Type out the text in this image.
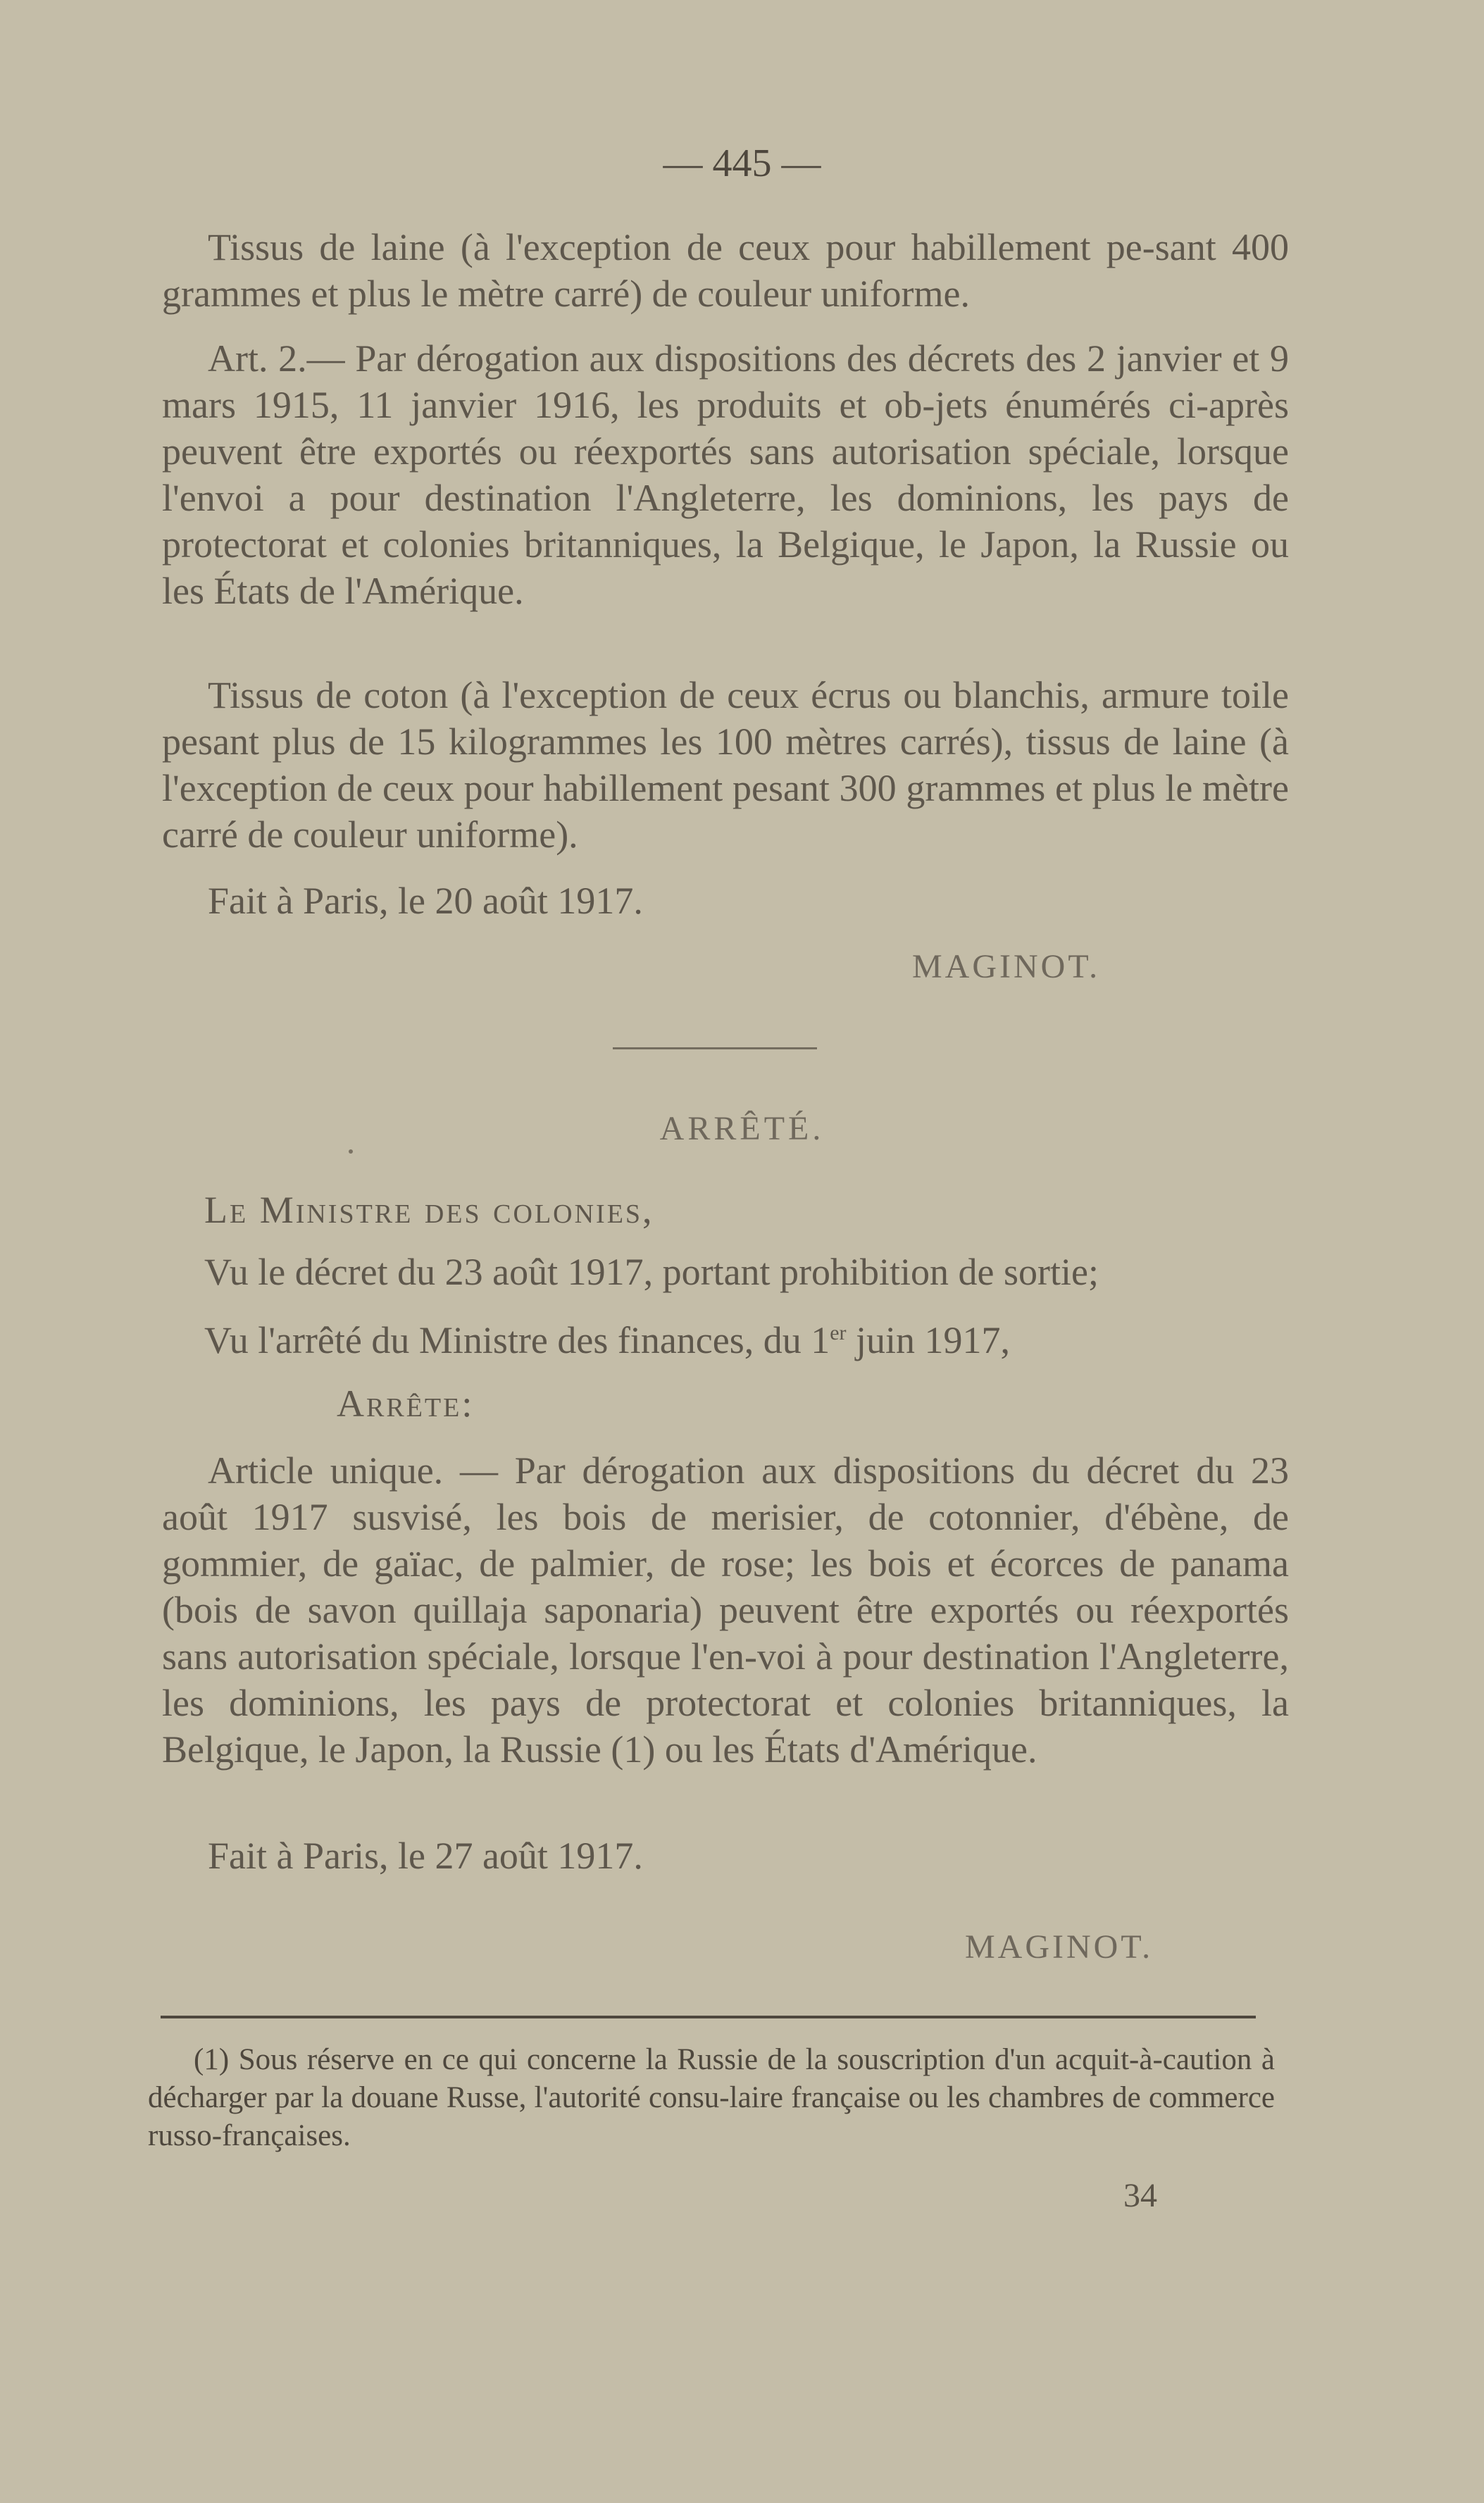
— 445 —

Tissus de laine (à l'exception de ceux pour habillement pe-sant 400 grammes et plus le mètre carré) de couleur uniforme.

Art. 2.— Par dérogation aux dispositions des décrets des 2 janvier et 9 mars 1915, 11 janvier 1916, les produits et ob-jets énumérés ci-après peuvent être exportés ou réexportés sans autorisation spéciale, lorsque l'envoi a pour destination l'Angleterre, les dominions, les pays de protectorat et colonies britanniques, la Belgique, le Japon, la Russie ou les États de l'Amérique.

Tissus de coton (à l'exception de ceux écrus ou blanchis, armure toile pesant plus de 15 kilogrammes les 100 mètres carrés), tissus de laine (à l'exception de ceux pour habillement pesant 300 grammes et plus le mètre carré de couleur uniforme).

Fait à Paris, le 20 août 1917.

MAGINOT.

ARRÊTÉ.

Le Ministre des colonies,

Vu le décret du 23 août 1917, portant prohibition de sortie;

Vu l'arrêté du Ministre des finances, du 1er juin 1917,

Arrête:

Article unique. — Par dérogation aux dispositions du décret du 23 août 1917 susvisé, les bois de merisier, de cotonnier, d'ébène, de gommier, de gaïac, de palmier, de rose; les bois et écorces de panama (bois de savon quillaja saponaria) peuvent être exportés ou réexportés sans autorisation spéciale, lorsque l'en-voi à pour destination l'Angleterre, les dominions, les pays de protectorat et colonies britanniques, la Belgique, le Japon, la Russie (1) ou les États d'Amérique.

Fait à Paris, le 27 août 1917.

MAGINOT.

(1) Sous réserve en ce qui concerne la Russie de la souscription d'un acquit-à-caution à décharger par la douane Russe, l'autorité consu-laire française ou les chambres de commerce russo-françaises.

34
